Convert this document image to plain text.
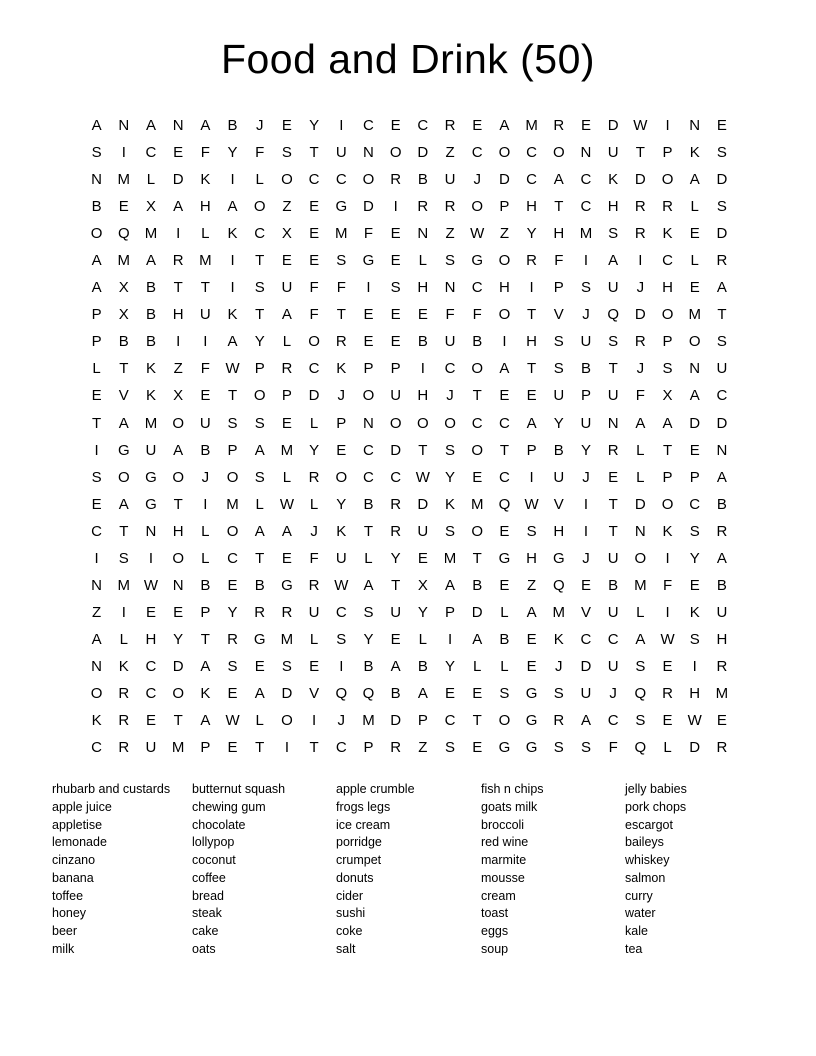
Food and Drink (50)
A	N	A	N	A	B	J	E	Y	I	C	E	C	R	E	A	M	R	E	D W	I	N	E
S	I	C	E	F	Y	F	S	T	U	N	O	D	Z	C	O	C	O	N	U	T	P	K	S
N	M	L	D	K	I	L	O	C	C	O	R	B	U	J	D	C	A	C	K	D	O	A	D
B	E	X	A	H	A	O	Z	E	G	D	I	R	R	O	P	H	T	C	H	R	R	L	S
O	Q	M	I	L	K	C	X	E	M	F	E	N	Z	W	Z	Y	H	M	S	R	K	E	D
A	M	A	R	M	I	T	E	E	S	G	E	L	S	G	O	R	F	I	A	I	C	L	R
A	X	B	T	T	I	S	U	F	F	I	S	H	N	C	H	I	P	S	U	J	H	E	A
P	X	B	H	U	K	T	A	F	T	E	E	E	F	F	O	T	V	J	Q	D	O	M	T
P	B	B	I	I	A	Y	L	O	R	E	E	B	U	B	I	H	S	U	S	R	P	O	S
L	T	K	Z	F	W	P	R	C	K	P	P	I	C	O	A	T	S	B	T	J	S	N	U
E	V	K	X	E	T	O	P	D	J	O	U	H	J	T	E	E	U	P	U	F	X	A	C
T	A	M	O	U	S	S	E	L	P	N	O	O	O	C	C	A	Y	U	N	A	A	D	D
I	G	U	A	B	P	A	M	Y	E	C	D	T	S	O	T	P	B	Y	R	L	T	E	N
S	O	G	O	J	O	S	L	R	O	C	C W	Y	E	C	I	U	J	E	L	P	P	A
E	A	G	T	I	M	L	W	L	Y	B	R	D	K	M	Q W	V	I	T	D	O	C	B
C	T	N	H	L	O	A	A	J	K	T	R	U	S	O	E	S	H	I	T	N	K	S	R
I	S	I	O	L	C	T	E	F	U	L	Y	E	M	T	G	H	G	J	U	O	I	Y	A
N	M W N	B	E	B	G	R W	A	T	X	A	B	E	Z	Q	E	B	M	F	E	B
Z	I	E	E	P	Y	R	R	U	C	S	U	Y	P	D	L	A	M	V	U	L	I	K	U
A	L	H	Y	T	R	G	M	L	S	Y	E	L	I	A	B	E	K	C	C	A	W	S	H
N	K	C	D	A	S	E	S	E	I	B	A	B	Y	L	L	E	J	D	U	S	E	I	R
O	R	C	O	K	E	A	D	V	Q	Q	B	A	E	E	S	G	S	U	J	Q	R	H	M
K	R	E	T	A	W	L	O	I	J	M	D	P	C	T	O	G	R	A	C	S	E	W	E
C	R	U	M	P	E	T	I	T	C	P	R	Z	S	E	G	G	S	S	F	Q	L	D	R
rhubarb and custards
apple juice
appletise
lemonade
cinzano
banana
toffee
honey
beer
milk
butternut squash
chewing gum
chocolate
lollypop
coconut
coffee
bread
steak
cake
oats
apple crumble
frogs legs
ice cream
porridge
crumpet
donuts
cider
sushi
coke
salt
fish n chips
goats milk
broccoli
red wine
marmite
mousse
cream
toast
eggs
soup
jelly babies
pork chops
escargot
baileys
whiskey
salmon
curry
water
kale
tea
